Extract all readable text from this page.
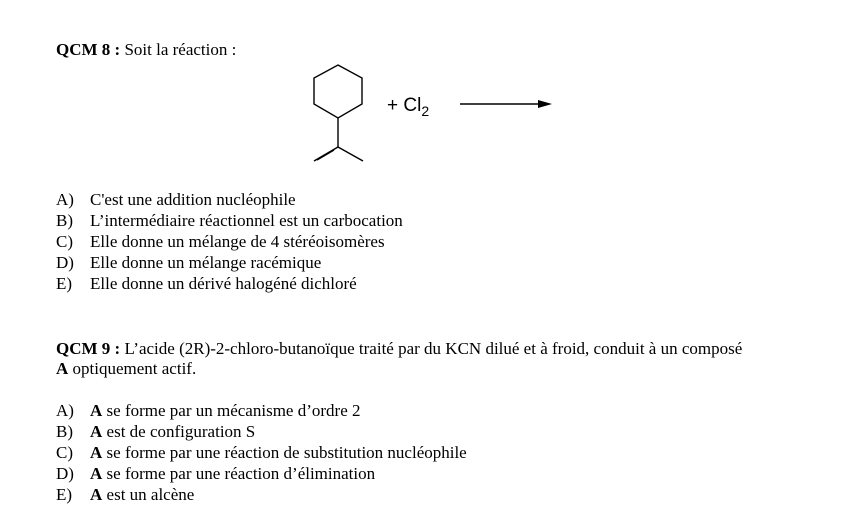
QCM 8 : Soit la réaction :
+ $Cl_2$
A) C'est une addition nucléophile
B) L’intermédiaire réactionnel est un carbocation
C) Elle donne un mélange de 4 stéréoisomères
D) Elle donne un mélange racémique
E) Elle donne un dérivé halogéné dichloré
QCM 9 : L’acide (2R)-2-chloro-butanoïque traité par du KCN dilué et à froid, conduit à un composé
A optiquement actif.
A) A se forme par un mécanisme d’ordre 2
B) A est de configuration S
C) A se forme par une réaction de substitution nucléophile
D) A se forme par une réaction d’élimination
E) A est un alcène
